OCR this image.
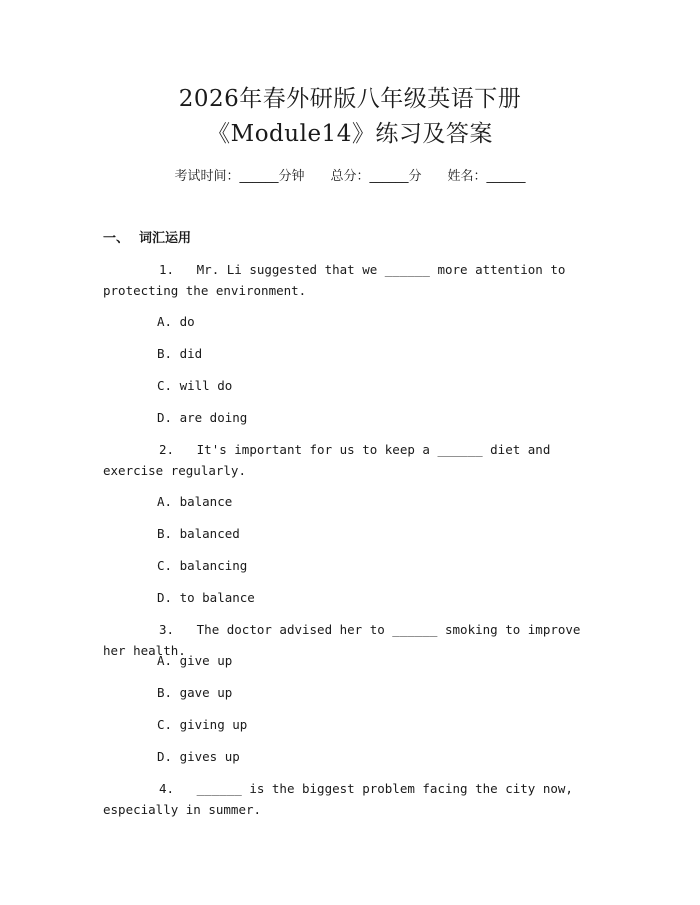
2026年春外研版八年级英语下册
《Module14》练习及答案
考试时间：______分钟 总分：______分 姓名：______
一、 词汇运用
1. Mr. Li suggested that we ______ more attention to protecting the environment.
A. do
B. did
C. will do
D. are doing
2. It's important for us to keep a ______ diet and exercise regularly.
A. balance
B. balanced
C. balancing
D. to balance
3. The doctor advised her to ______ smoking to improve her health.
A. give up
B. gave up
C. giving up
D. gives up
4. ______ is the biggest problem facing the city now, especially in summer.
